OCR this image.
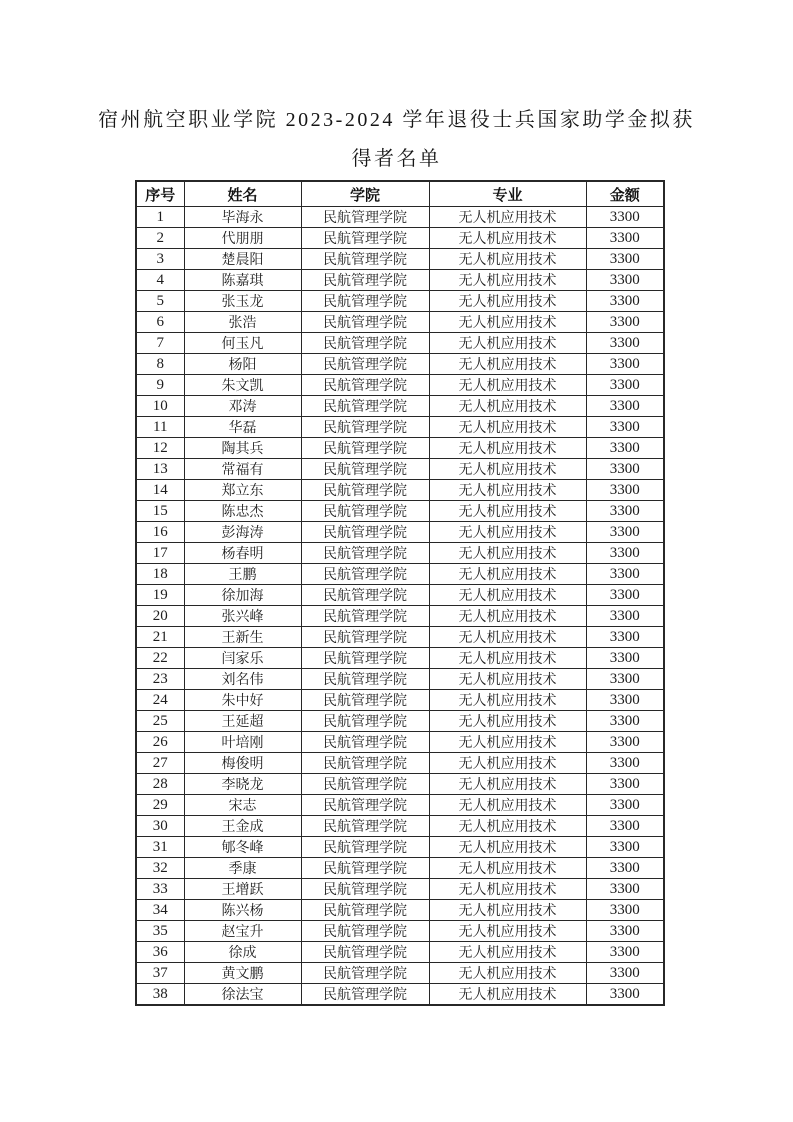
宿州航空职业学院 2023-2024 学年退役士兵国家助学金拟获
得者名单
序号	姓名	学院	专业	金额
1	毕海永	民航管理学院	无人机应用技术	3300
2	代朋朋	民航管理学院	无人机应用技术	3300
3	楚晨阳	民航管理学院	无人机应用技术	3300
4	陈嘉琪	民航管理学院	无人机应用技术	3300
5	张玉龙	民航管理学院	无人机应用技术	3300
6	张浩	民航管理学院	无人机应用技术	3300
7	何玉凡	民航管理学院	无人机应用技术	3300
8	杨阳	民航管理学院	无人机应用技术	3300
9	朱文凯	民航管理学院	无人机应用技术	3300
10	邓涛	民航管理学院	无人机应用技术	3300
11	华磊	民航管理学院	无人机应用技术	3300
12	陶其兵	民航管理学院	无人机应用技术	3300
13	常福有	民航管理学院	无人机应用技术	3300
14	郑立东	民航管理学院	无人机应用技术	3300
15	陈忠杰	民航管理学院	无人机应用技术	3300
16	彭海涛	民航管理学院	无人机应用技术	3300
17	杨春明	民航管理学院	无人机应用技术	3300
18	王鹏	民航管理学院	无人机应用技术	3300
19	徐加海	民航管理学院	无人机应用技术	3300
20	张兴峰	民航管理学院	无人机应用技术	3300
21	王新生	民航管理学院	无人机应用技术	3300
22	闫家乐	民航管理学院	无人机应用技术	3300
23	刘名伟	民航管理学院	无人机应用技术	3300
24	朱中好	民航管理学院	无人机应用技术	3300
25	王延超	民航管理学院	无人机应用技术	3300
26	叶培刚	民航管理学院	无人机应用技术	3300
27	梅俊明	民航管理学院	无人机应用技术	3300
28	李晓龙	民航管理学院	无人机应用技术	3300
29	宋志	民航管理学院	无人机应用技术	3300
30	王金成	民航管理学院	无人机应用技术	3300
31	郇冬峰	民航管理学院	无人机应用技术	3300
32	季康	民航管理学院	无人机应用技术	3300
33	王增跃	民航管理学院	无人机应用技术	3300
34	陈兴杨	民航管理学院	无人机应用技术	3300
35	赵宝升	民航管理学院	无人机应用技术	3300
36	徐成	民航管理学院	无人机应用技术	3300
37	黄文鹏	民航管理学院	无人机应用技术	3300
38	徐法宝	民航管理学院	无人机应用技术	3300
